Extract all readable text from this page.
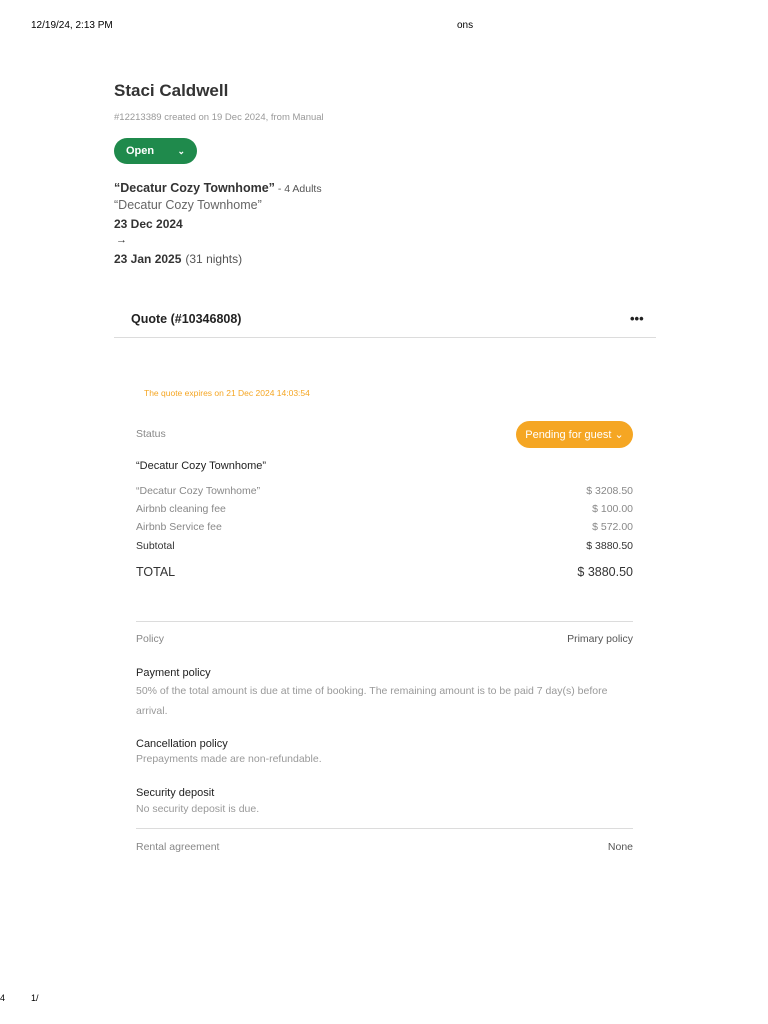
12/19/24, 2:13 PM	ons
Staci Caldwell
#12213389 created on 19 Dec 2024, from Manual
Open	⌄
“Decatur Cozy Townhome” - 4 Adults
“Decatur Cozy Townhome”
23 Dec 2024
→
23 Jan 2025 (31 nights)
Quote (#10346808)	•••
The quote expires on 21 Dec 2024 14:03:54
Status	Pending for guest ⌄
“Decatur Cozy Townhome”
“Decatur Cozy Townhome”	$ 3208.50
Airbnb cleaning fee	$ 100.00
Airbnb Service fee	$ 572.00
Subtotal	$ 3880.50
TOTAL	$ 3880.50
Policy	Primary policy
Payment policy
50% of the total amount is due at time of booking. The remaining amount is to be paid 7 day(s) before arrival.
Cancellation policy
Prepayments made are non-refundable.
Security deposit
No security deposit is due.
Rental agreement	None
4	1/
